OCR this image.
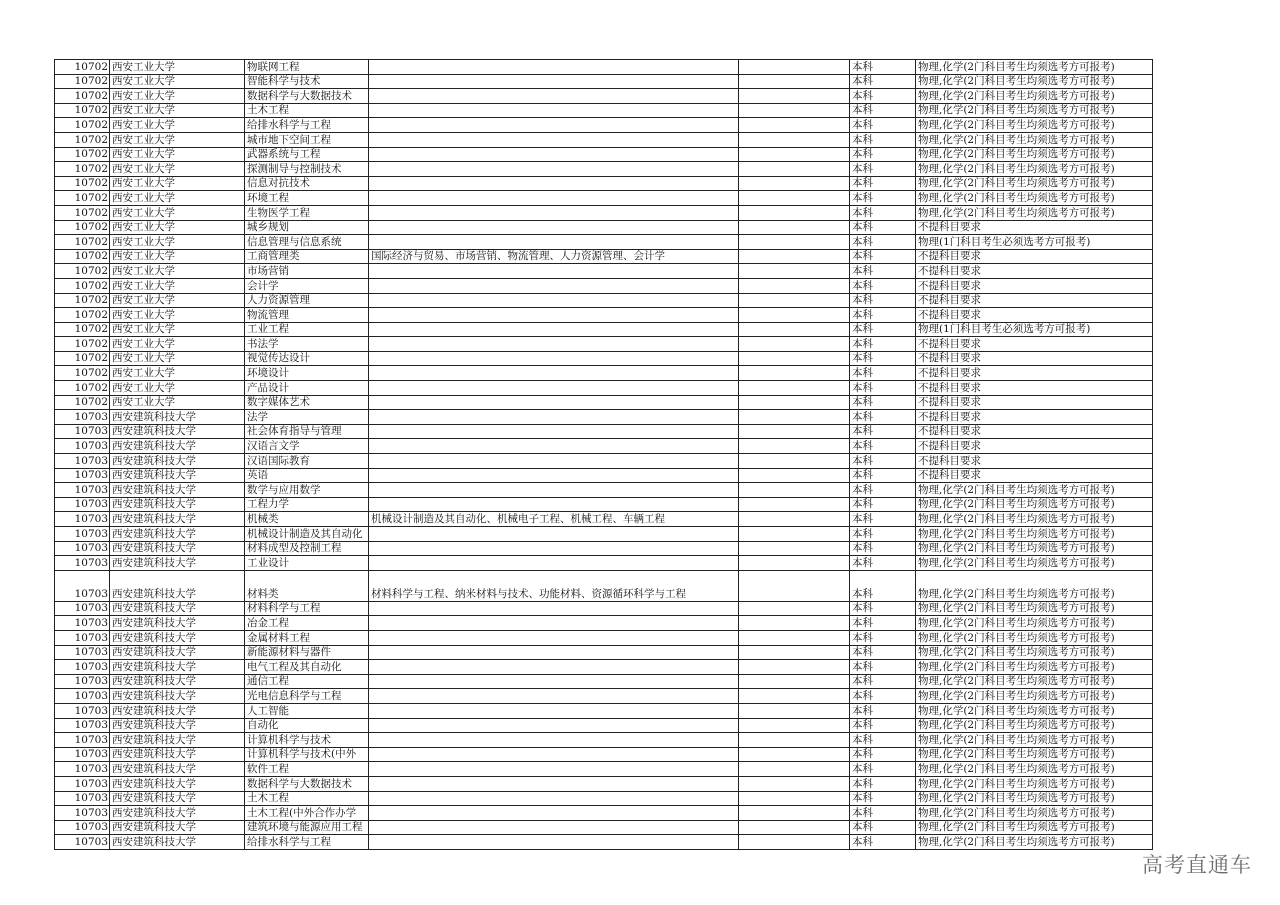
10702	西安工业大学	物联网工程			本科	物理,化学(2门科目考生均须选考方可报考)
10702	西安工业大学	智能科学与技术			本科	物理,化学(2门科目考生均须选考方可报考)
10702	西安工业大学	数据科学与大数据技术			本科	物理,化学(2门科目考生均须选考方可报考)
10702	西安工业大学	土木工程			本科	物理,化学(2门科目考生均须选考方可报考)
10702	西安工业大学	给排水科学与工程			本科	物理,化学(2门科目考生均须选考方可报考)
10702	西安工业大学	城市地下空间工程			本科	物理,化学(2门科目考生均须选考方可报考)
10702	西安工业大学	武器系统与工程			本科	物理,化学(2门科目考生均须选考方可报考)
10702	西安工业大学	探测制导与控制技术			本科	物理,化学(2门科目考生均须选考方可报考)
10702	西安工业大学	信息对抗技术			本科	物理,化学(2门科目考生均须选考方可报考)
10702	西安工业大学	环境工程			本科	物理,化学(2门科目考生均须选考方可报考)
10702	西安工业大学	生物医学工程			本科	物理,化学(2门科目考生均须选考方可报考)
10702	西安工业大学	城乡规划			本科	不提科目要求
10702	西安工业大学	信息管理与信息系统			本科	物理(1门科目考生必须选考方可报考)
10702	西安工业大学	工商管理类	国际经济与贸易、市场营销、物流管理、人力资源管理、会计学		本科	不提科目要求
10702	西安工业大学	市场营销			本科	不提科目要求
10702	西安工业大学	会计学			本科	不提科目要求
10702	西安工业大学	人力资源管理			本科	不提科目要求
10702	西安工业大学	物流管理			本科	不提科目要求
10702	西安工业大学	工业工程			本科	物理(1门科目考生必须选考方可报考)
10702	西安工业大学	书法学			本科	不提科目要求
10702	西安工业大学	视觉传达设计			本科	不提科目要求
10702	西安工业大学	环境设计			本科	不提科目要求
10702	西安工业大学	产品设计			本科	不提科目要求
10702	西安工业大学	数字媒体艺术			本科	不提科目要求
10703	西安建筑科技大学	法学			本科	不提科目要求
10703	西安建筑科技大学	社会体育指导与管理			本科	不提科目要求
10703	西安建筑科技大学	汉语言文学			本科	不提科目要求
10703	西安建筑科技大学	汉语国际教育			本科	不提科目要求
10703	西安建筑科技大学	英语			本科	不提科目要求
10703	西安建筑科技大学	数学与应用数学			本科	物理,化学(2门科目考生均须选考方可报考)
10703	西安建筑科技大学	工程力学			本科	物理,化学(2门科目考生均须选考方可报考)
10703	西安建筑科技大学	机械类	机械设计制造及其自动化、机械电子工程、机械工程、车辆工程		本科	物理,化学(2门科目考生均须选考方可报考)
10703	西安建筑科技大学	机械设计制造及其自动化			本科	物理,化学(2门科目考生均须选考方可报考)
10703	西安建筑科技大学	材料成型及控制工程			本科	物理,化学(2门科目考生均须选考方可报考)
10703	西安建筑科技大学	工业设计			本科	物理,化学(2门科目考生均须选考方可报考)
10703	西安建筑科技大学	材料类	材料科学与工程、纳米材料与技术、功能材料、资源循环科学与工程		本科	物理,化学(2门科目考生均须选考方可报考)
10703	西安建筑科技大学	材料科学与工程			本科	物理,化学(2门科目考生均须选考方可报考)
10703	西安建筑科技大学	冶金工程			本科	物理,化学(2门科目考生均须选考方可报考)
10703	西安建筑科技大学	金属材料工程			本科	物理,化学(2门科目考生均须选考方可报考)
10703	西安建筑科技大学	新能源材料与器件			本科	物理,化学(2门科目考生均须选考方可报考)
10703	西安建筑科技大学	电气工程及其自动化			本科	物理,化学(2门科目考生均须选考方可报考)
10703	西安建筑科技大学	通信工程			本科	物理,化学(2门科目考生均须选考方可报考)
10703	西安建筑科技大学	光电信息科学与工程			本科	物理,化学(2门科目考生均须选考方可报考)
10703	西安建筑科技大学	人工智能			本科	物理,化学(2门科目考生均须选考方可报考)
10703	西安建筑科技大学	自动化			本科	物理,化学(2门科目考生均须选考方可报考)
10703	西安建筑科技大学	计算机科学与技术			本科	物理,化学(2门科目考生均须选考方可报考)
10703	西安建筑科技大学	计算机科学与技术(中外			本科	物理,化学(2门科目考生均须选考方可报考)
10703	西安建筑科技大学	软件工程			本科	物理,化学(2门科目考生均须选考方可报考)
10703	西安建筑科技大学	数据科学与大数据技术			本科	物理,化学(2门科目考生均须选考方可报考)
10703	西安建筑科技大学	土木工程			本科	物理,化学(2门科目考生均须选考方可报考)
10703	西安建筑科技大学	土木工程(中外合作办学			本科	物理,化学(2门科目考生均须选考方可报考)
10703	西安建筑科技大学	建筑环境与能源应用工程			本科	物理,化学(2门科目考生均须选考方可报考)
10703	西安建筑科技大学	给排水科学与工程			本科	物理,化学(2门科目考生均须选考方可报考)
高考直通车
